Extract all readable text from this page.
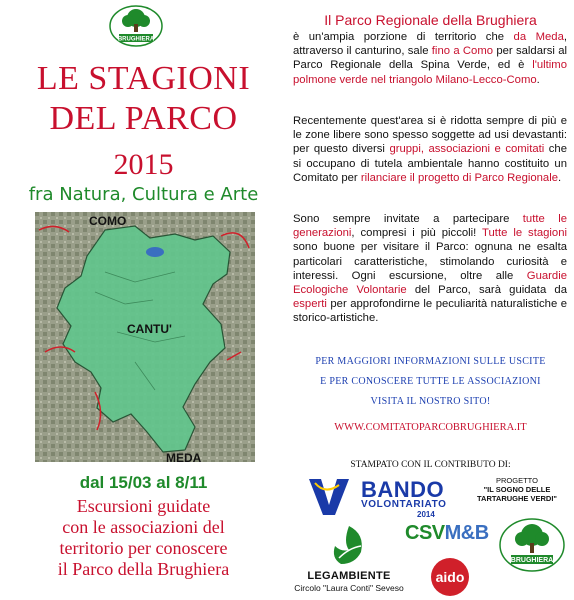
BRUGHIERA
LE STAGIONI
DEL PARCO
2015
fra Natura, Cultura e Arte
COMO
CANTU'
MEDA
dal 15/03 al 8/11
Escursioni guidate
con le associazioni del
territorio per conoscere
il Parco della Brughiera
Il Parco Regionale della Brughiera

è un'ampia porzione di territorio che da Meda, attraverso il canturino, sale fino a Como per saldarsi al Parco Regionale della Spina Verde, ed è l'ultimo polmone verde nel triangolo Milano-Lecco-Como.

Recentemente quest'area si è ridotta sempre di più e le zone libere sono spesso soggette ad usi devastanti: per questo diversi gruppi, associazioni e comitati che si occupano di tutela ambientale hanno costituito un Comitato per rilanciare il progetto di Parco Regionale.

Sono sempre invitate a partecipare tutte le generazioni, compresi i più piccoli! Tutte le stagioni sono buone per visitare il Parco: ognuna ne esalta particolari caratteristiche, stimolando curiosità e interessi. Ogni escursione, oltre alle Guardie Ecologiche Volontarie del Parco, sarà guidata da esperti per approfondirne le peculiarità naturalistiche e storico-artistiche.

PER MAGGIORI INFORMAZIONI SULLE USCITE
E PER CONOSCERE TUTTE LE ASSOCIAZIONI
VISITA IL NOSTRO SITO!
WWW.COMITATOPARCOBRUGHIERA.IT
STAMPATO CON IL CONTRIBUTO DI:
BANDO
VOLONTARIATO
2014
PROGETTO
"IL SOGNO DELLE TARTARUGHE VERDI"
CSVM&B
LEGAMBIENTE
Circolo "Laura Conti" Seveso
aido
BRUGHIERA
